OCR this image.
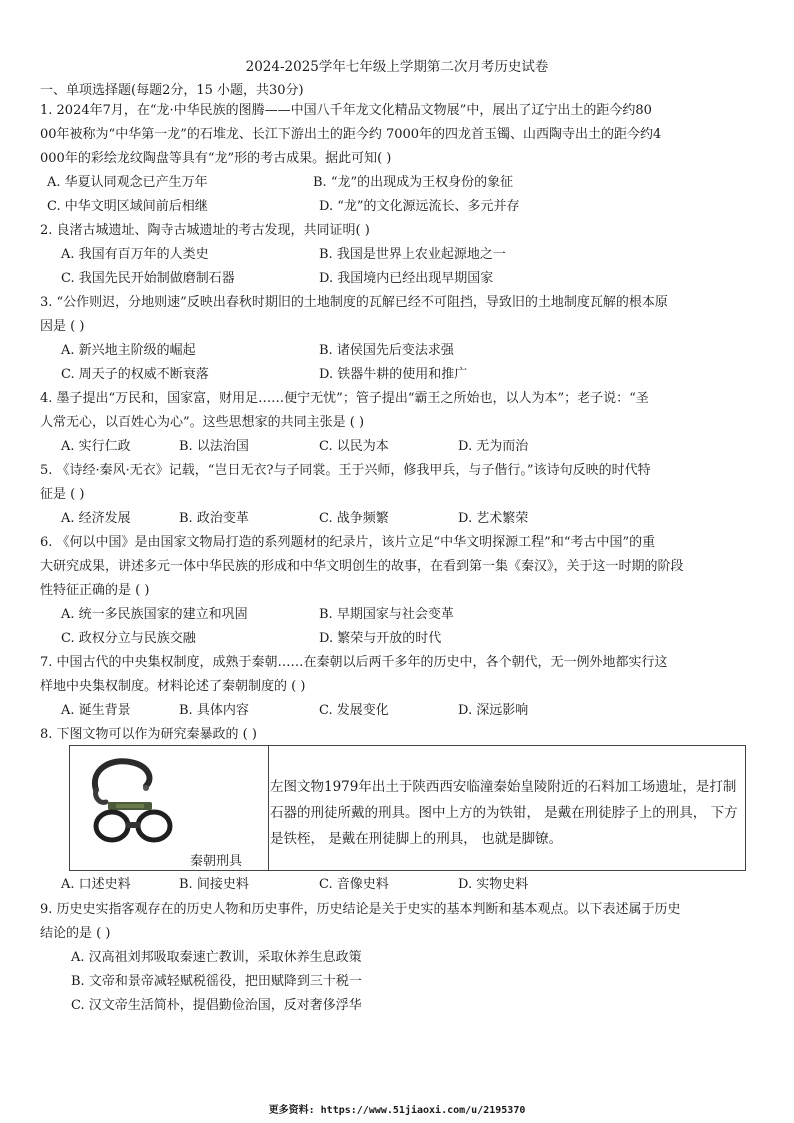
2024-2025学年七年级上学期第二次月考历史试卷
一、单项选择题(每题2分，15 小题，共30分)
1. 2024年7月，在“龙·中华民族的图腾——中国八千年龙文化精品文物展”中，展出了辽宁出土的距今约80
00年被称为“中华第一龙”的石堆龙、长江下游出土的距今约 7000年的四龙首玉镯、山西陶寺出土的距今约4
000年的彩绘龙纹陶盘等具有“龙”形的考古成果。据此可知( )
A. 华夏认同观念已产生万年	B. “龙”的出现成为王权身份的象征
C. 中华文明区域间前后相继	D. “龙”的文化源远流长、多元并存
2. 良渚古城遗址、陶寺古城遗址的考古发现，共同证明( )
A. 我国有百万年的人类史	B. 我国是世界上农业起源地之一
C. 我国先民开始制做磨制石器	D. 我国境内已经出现早期国家
3. “公作则迟，分地则速”反映出春秋时期旧的土地制度的瓦解已经不可阻挡，导致旧的土地制度瓦解的根本原
因是 ( )
A. 新兴地主阶级的崛起	B. 诸侯国先后变法求强
C. 周天子的权威不断衰落	D. 铁器牛耕的使用和推广
4. 墨子提出“万民和，国家富，财用足……便宁无忧”；管子提出“霸王之所始也，以人为本”；老子说：“圣
人常无心，以百姓心为心”。这些思想家的共同主张是 ( )
A. 实行仁政	B. 以法治国	C. 以民为本	D. 无为而治
5. 《诗经·秦风·无衣》记载，“岂日无衣?与子同裳。王于兴师，修我甲兵，与子偕行。”该诗句反映的时代特
征是 ( )
A. 经济发展	B. 政治变革	C. 战争频繁	D. 艺术繁荣
6. 《何以中国》是由国家文物局打造的系列题材的纪录片，该片立足“中华文明探源工程”和“考古中国”的重
大研究成果，讲述多元一体中华民族的形成和中华文明创生的故事，在看到第一集《秦汉》，关于这一时期的阶段
性特征正确的是 ( )
A. 统一多民族国家的建立和巩固	B. 早期国家与社会变革
C. 政权分立与民族交融	D. 繁荣与开放的时代
7. 中国古代的中央集权制度，成熟于秦朝……在秦朝以后两千多年的历史中，各个朝代，无一例外地都实行这
样地中央集权制度。材料论述了秦朝制度的 ( )
A. 诞生背景	B. 具体内容	C. 发展变化	D. 深远影响
8. 下图文物可以作为研究秦暴政的 ( )
秦朝刑具
左图文物1979年出土于陕西西安临潼秦始皇陵附近的石料加工场遗址，是打制石器的刑徒所戴的刑具。图中上方的为铁钳， 是戴在刑徒脖子上的刑具， 下方是铁桎， 是戴在刑徒脚上的刑具， 也就是脚镣。
A. 口述史料	B. 间接史料	C. 音像史料	D. 实物史料
9. 历史史实指客观存在的历史人物和历史事件，历史结论是关于史实的基本判断和基本观点。以下表述属于历史
结论的是 ( )
A. 汉高祖刘邦吸取秦速亡教训，采取休养生息政策
B. 文帝和景帝减轻赋税徭役，把田赋降到三十税一
C. 汉文帝生活简朴，提倡勤俭治国，反对奢侈浮华
更多资料: https://www.51jiaoxi.com/u/2195370
